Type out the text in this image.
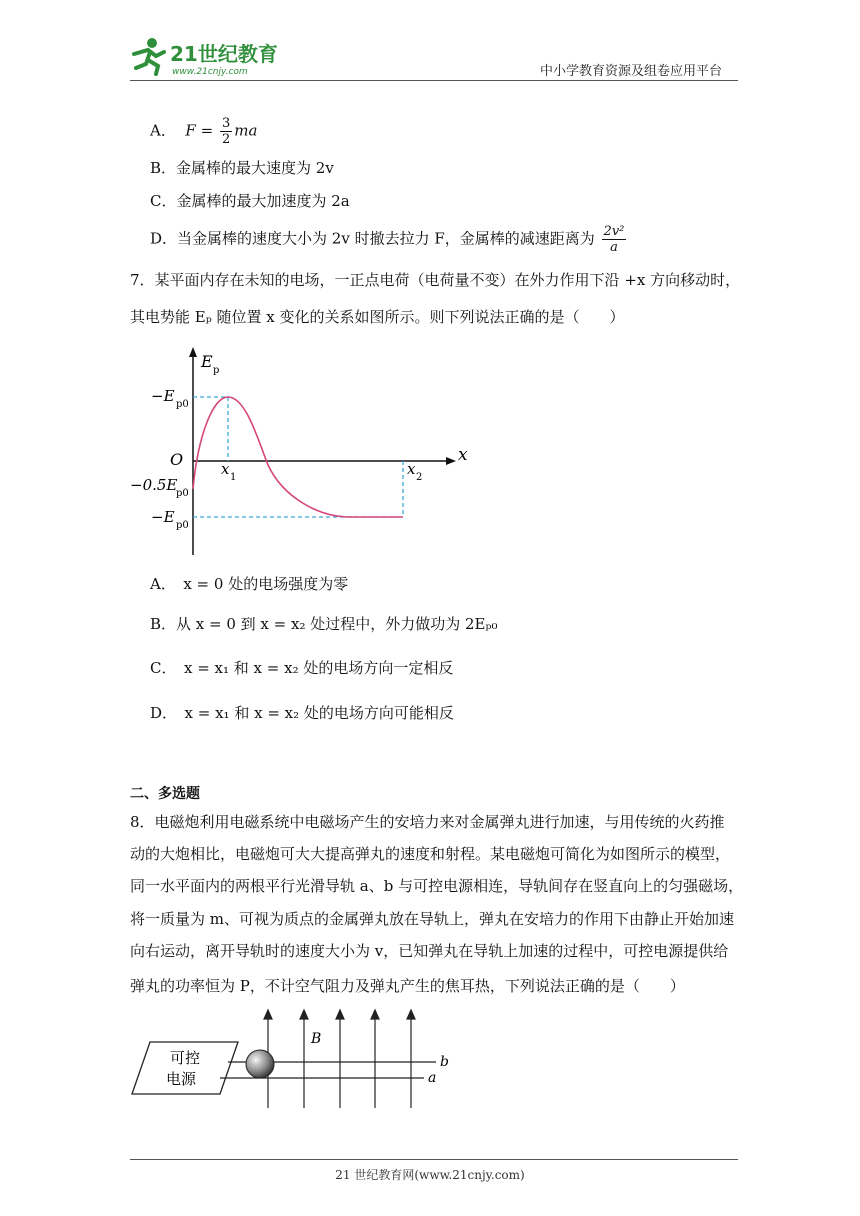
21世纪教育
www.21cnjy.com	中小学教育资源及组卷应用平台
A． $F = \frac{3}{2}$ ma
B．金属棒的最大速度为 2v
C．金属棒的最大加速度为 2a
D．当金属棒的速度大小为 2v 时撤去拉力 F，金属棒的减速距离为 $\frac{\text{2v²}}{a}$
7．某平面内存在未知的电场，一正点电荷（电荷量不变）在外力作用下沿 +x 方向移动时，
其电势能 Eₚ 随位置 x 变化的关系如图所示。则下列说法正确的是（　　）
E p
x
O
−E p0
−0.5E
p0
−E p0
x 1	x 2
A．　x = 0 处的电场强度为零
B．从 x = 0 到 x = x₂ 处过程中，外力做功为 2Eₚ₀
C．　x = x₁ 和 x = x₂ 处的电场方向一定相反
D．　x = x₁ 和 x = x₂ 处的电场方向可能相反
二、多选题
8．电磁炮利用电磁系统中电磁场产生的安培力来对金属弹丸进行加速，与用传统的火药推
动的大炮相比，电磁炮可大大提高弹丸的速度和射程。某电磁炮可简化为如图所示的模型，
同一水平面内的两根平行光滑导轨 a、b 与可控电源相连，导轨间存在竖直向上的匀强磁场，
将一质量为 m、可视为质点的金属弹丸放在导轨上，弹丸在安培力的作用下由静止开始加速
向右运动，离开导轨时的速度大小为 v，已知弹丸在导轨上加速的过程中，可控电源提供给
弹丸的功率恒为 P，不计空气阻力及弹丸产生的焦耳热，下列说法正确的是（　　）
可控
电源
b
a
B
21 世纪教育网(www.21cnjy.com)
